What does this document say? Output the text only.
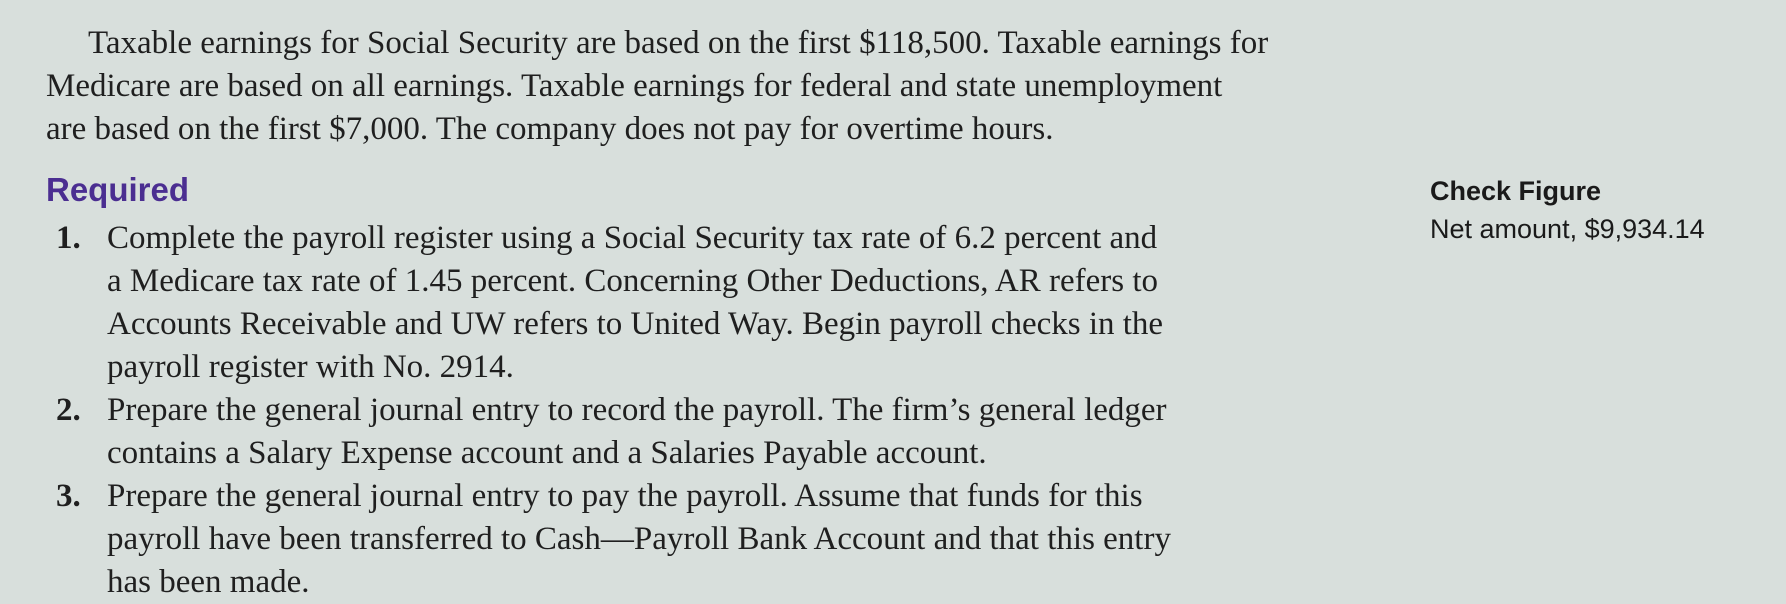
Taxable earnings for Social Security are based on the first $118,500. Taxable earnings for
Medicare are based on all earnings. Taxable earnings for federal and state unemployment
are based on the first $7,000. The company does not pay for overtime hours.

Required
1. Complete the payroll register using a Social Security tax rate of 6.2 percent and
a Medicare tax rate of 1.45 percent. Concerning Other Deductions, AR refers to
Accounts Receivable and UW refers to United Way. Begin payroll checks in the
payroll register with No. 2914.
2. Prepare the general journal entry to record the payroll. The firm’s general ledger
contains a Salary Expense account and a Salaries Payable account.
3. Prepare the general journal entry to pay the payroll. Assume that funds for this
payroll have been transferred to Cash—Payroll Bank Account and that this entry
has been made.
Check Figure
Net amount, $9,934.14
